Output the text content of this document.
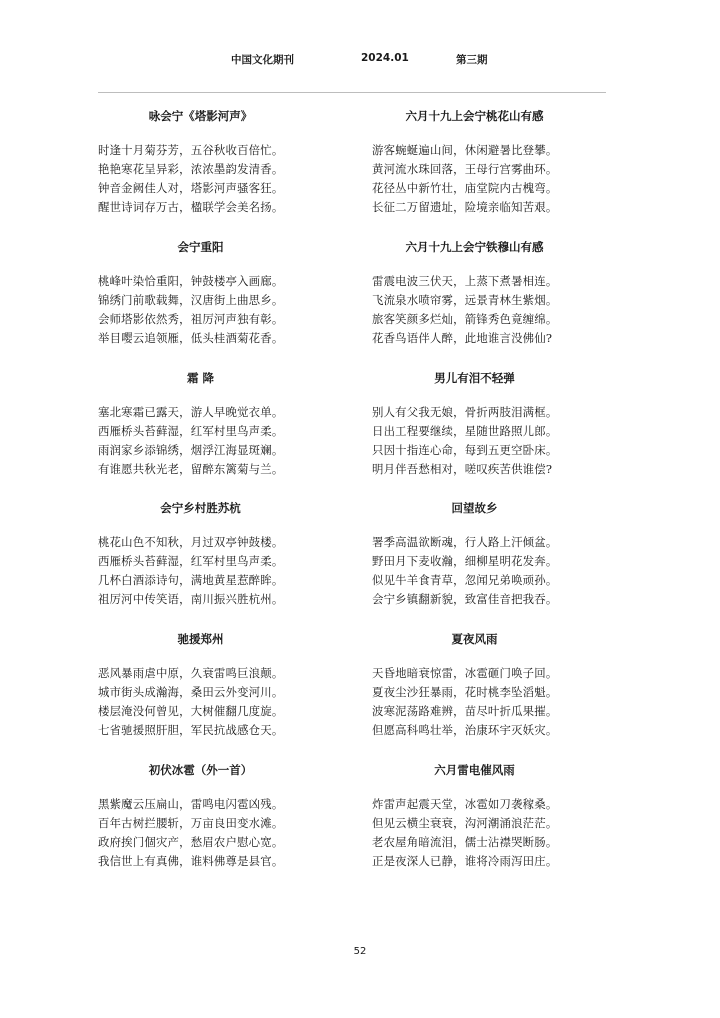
中国文化期刊	2024.01	第三期
咏会宁《塔影河声》
时逢十月菊芬芳，五谷秋收百倍忙。
艳艳寒花呈异彩，浓浓墨韵发清香。
钟音金阙佳人对，塔影河声骚客狂。
醒世诗词存万古，楹联学会美名扬。
会宁重阳
桃峰叶染恰重阳，钟鼓楼亭入画廊。
锦绣门前歌载舞，汉唐街上曲思乡。
会师塔影依然秀，祖厉河声独有彰。
举目嘤云追领雁，低头桂酒菊花香。
霜 降
塞北寒霜已露天，游人早晚觉衣单。
西雁桥头苔藓湿，红军村里鸟声柔。
雨润家乡添锦绣，烟浮江海显斑斓。
有谁愿共秋光老，留醉东篱菊与兰。
会宁乡村胜苏杭
桃花山色不知秋，月过双亭钟鼓楼。
西雁桥头苔藓湿，红军村里鸟声柔。
几杯白酒添诗句，满地黄星惹醉眸。
祖厉河中传笑语，南川振兴胜杭州。
驰援郑州
恶风暴雨虐中原，久衰雷鸣巨浪颠。
城市街头成瀚海，桑田云外变河川。
楼层淹没何曾见，大树催翻几度旋。
七省驰援照肝胆，军民抗战感仓天。
初伏冰雹（外一首）
黑紫魔云压扁山，雷鸣电闪雹凶残。
百年古树拦腰斩，万亩良田变水滩。
政府挨门個灾产，愁眉农户慰心宽。
我信世上有真佛，谁料佛尊是县官。
六月十九上会宁桃花山有感
游客蜿蜒遍山间，休闲避暑比登攀。
黄河流水珠回落，王母行宫雾曲环。
花径丛中新竹壮，庙堂院内古槐弯。
长征二万留遗址，险境亲临知苦艰。
六月十九上会宁铁穆山有感
雷震电波三伏天，上蒸下煮暑相连。
飞流泉水喷帘雾，远景青林生紫烟。
旅客笑颜多烂灿，箭锋秀色竟缠绵。
花香鸟语伴人醉，此地谁言没佛仙?
男儿有泪不轻弹
别人有父我无娘，骨折两肢泪满框。
日出工程要继续，星随世路照儿郎。
只因十指连心命，每到五更空卧床。
明月伴吾愁相对，嗟叹疾苦供谁偿?
回望故乡
署季高温欲断魂，行人路上汗倾盆。
野田月下麦收瀚，细柳星明花发奔。
似见牛羊食青草，忽闻兄弟唤顽孙。
会宁乡镇翻新貌，致富佳音把我吞。
夏夜风雨
天昏地暗衰惊雷，冰雹砸门唤子回。
夏夜尘沙狂暴雨，花时桃李坠滔魁。
波寒泥荡路难辨，苗尽叶折瓜果摧。
但愿高科鸣壮举，治康环宇灭妖灾。
六月雷电催风雨
炸雷声起震天堂，冰雹如刀袭稼桑。
但见云横尘衰衰，沟河潮涌浪茫茫。
老农屋角暗流泪，儒士沾襟哭断肠。
正是夜深人已静，谁将冷雨泻田庄。
52
